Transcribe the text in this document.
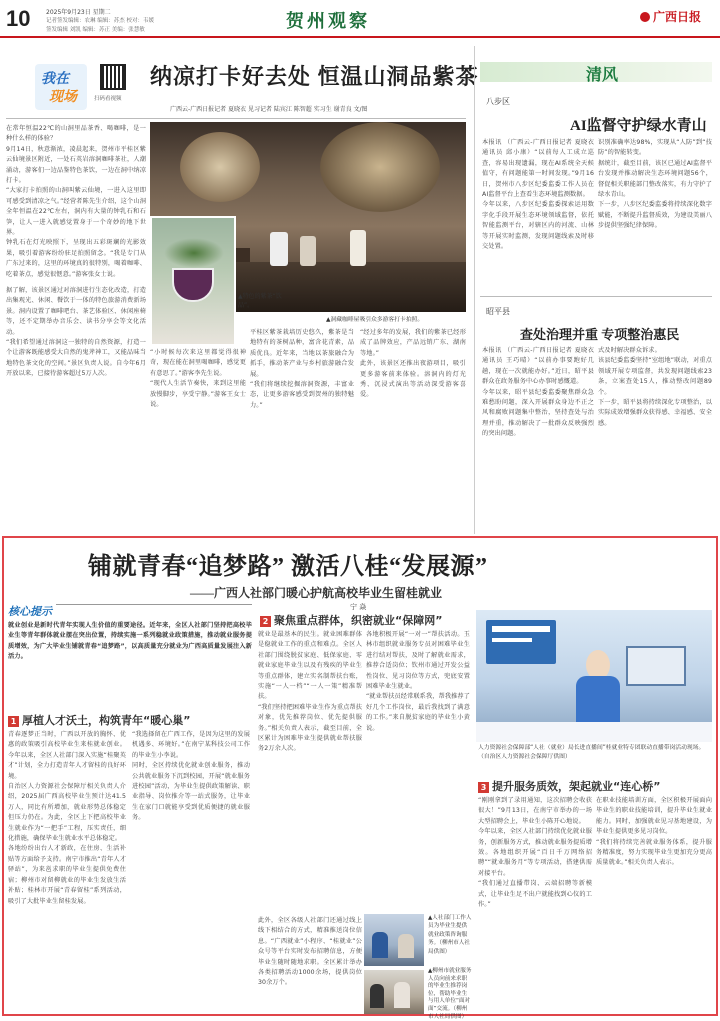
10	2025年9月23日 星期二
记者签发编辑：农琳 编辑：苏杰 校对：韦媛
签发编辑 刘凯 编辑：苏正 美编：张慧敏	贺州观察	广西日报
我在
现场	扫码看视频
纳凉打卡好去处 恒温山洞品紫茶
广西云-广西日报记者 夏晓衣 见习记者 陆宾江 陈智超 实习生 谢青良 文/图
在常年恒温22℃的山洞里品茶香、喝咖啡，是一种什么样的体验？
9月14日，秋意渐浓，凌晨起来，贺州市平桂区紫云仙境景区附近，一处石英岩溶洞咖啡茶社，人潮涌动，游客们一边品鉴特色茶饮，一边在洞中纳凉打卡。
“大家打卡拍照的山洞叫紫云仙境，一进入这里即可感受到清凉之气。”经营者陈先生介绍，这个山洞全年恒温在22℃左右，洞内有大量的钟乳石和石笋，让人一进入就感觉置身于一个奇妙的地下世界。
钟乳石在灯光映照下，呈现出五彩斑斓的光影效果，吸引着游客纷纷驻足拍照留念。“我是专门从广东过来的，这里的环境真的很特别，喝着咖啡、吃着茶点，感觉很惬意。”游客张女士说。
据了解，该景区通过对溶洞进行生态化改造，打造出集观光、休闲、餐饮于一体的特色旅游消费新场景。洞内设置了咖啡吧台、茶艺体验区、休闲座椅等，还不定期举办音乐会、读书分享会等文化活动。
“我们希望通过溶洞这一独特的自然资源，打造一个让游客既能感受大自然的鬼斧神工，又能品味当地特色茶文化的空间。”景区负责人说。自今年6月开放以来，已接待游客超过5万人次。
▲特色的紫茶“饮品”。
▲洞藏咖啡屋吸引众多游客打卡拍照。
“小时候每次来这里都觉得很神奇，现在能在洞里喝咖啡，感觉更有意思了。”游客李先生说。
“现代人生活节奏快，来到这里能放慢脚步，享受宁静。”游客王女士说。
平桂区紫茶栽培历史悠久，紫茶是当地特有的茶树品种，富含花青素，品质优良。近年来，当地以茶旅融合为抓手，推动茶产业与乡村旅游融合发展。
“我们将继续挖掘溶洞资源，丰富业态，让更多游客感受到贺州的独特魅力。”
“经过多年的发展，我们的紫茶已经形成了品牌效应，产品远销广东、湖南等地。”
此外，该景区还推出夜游项目，吸引更多游客前来体验。溶洞内的灯光秀、沉浸式演出等活动深受游客喜爱。
清风
八步区
AI监督守护绿水青山
本报讯 （广西云-广西日报记者 夏晓衣 通讯员 邱小康）“以前每人工成立巡查，容易出现遗漏，现在AI系统全天候值守，有问题能第一时间发现。”9月16日，贺州市八步区纪委监委工作人员在AI监督平台上查看生态环境监测数据。
今年以来，八步区纪委监委探索运用数字化手段开展生态环境领域监督，依托智能监测平台，对辖区内的河流、山林等开展实时监测，发现问题线索及时移交处置。
识别准确率达98%，实现从“人防”到“技防”的智能转变。
据统计，截至目前，该区已通过AI监督平台发现并推动解决生态环境问题56个，督促相关职能部门整改落实，有力守护了绿水青山。
下一步，八步区纪委监委将持续深化数字赋能，不断提升监督质效，为建设美丽八步提供坚强纪律保障。
昭平县
查处治理并重 专项整治惠民
本报讯 （广西云-广西日报记者 夏晓衣 通讯员 王巧晴）“以前办事要跑好几趟，现在一次就能办好。”近日，昭平县群众在政务服务中心办事时感慨道。
今年以来，昭平县纪委监委聚焦群众急难愁盼问题，深入开展群众身边不正之风和腐败问题集中整治，坚持查处与治理并重，推动解决了一批群众反映强烈的突出问题。
式及时解决群众诉求。
该县纪委监委坚持“室组地”联动，对重点领域开展专项监督，共发现问题线索23条，立案查处15人，推动整改问题89个。
下一步，昭平县将持续深化专项整治，以实际成效增强群众获得感、幸福感、安全感。
铺就青春“追梦路” 激活八桂“发展源”
——广西人社部门暖心护航高校毕业生留桂就业
宁 焱
核心提示
就业创业是新时代青年实现人生价值的重要途径。近年来，全区人社部门坚持把高校毕业生等青年群体就业摆在突出位置，持续实施一系列稳就业政策措施，推动就业服务提质增效，为广大毕业生铺就青春“追梦路”，以高质量充分就业为广西高质量发展注入新活力。
1 厚植人才沃土，构筑青年“暖心巢”
青春逐梦正当时，广西以开放的胸怀、优惠的政策吸引高校毕业生来桂就业创业。今年以来，全区人社部门深入实施“桂聚英才”计划，全力打造青年人才留桂的良好环境。
自治区人力资源社会保障厅相关负责人介绍，2025届广西高校毕业生预计达41.5万人，同比有所增加，就业形势总体稳定但压力仍在。为此，全区上下把高校毕业生就业作为“一把手”工程，压实责任，细化措施，确保毕业生就业水平总体稳定。
各地纷纷出台人才新政，在住房、生活补贴等方面给予支持。南宁市推出“青年人才驿站”，为来邕求职的毕业生提供免费住宿；柳州市对留柳就业的毕业生发放生活补贴；桂林市开展“青春留桂”系列活动，吸引了大批毕业生留桂发展。
“我选择留在广西工作，是因为这里的发展机遇多、环境好。”在南宁某科技公司工作的毕业生小李说。
同时，全区持续优化就业创业服务，推动公共就业服务下沉到校园，开展“就业服务进校园”活动，为毕业生提供政策解读、职业指导、岗位推介等一站式服务，让毕业生在家门口就能享受到优质便捷的就业服务。
2 聚焦重点群体，织密就业“保障网”
就业是最基本的民生。就业困难群体是稳就业工作的重点和难点。全区人社部门围绕脱贫家庭、低保家庭、零就业家庭毕业生以及有残疾的毕业生等重点群体，建立实名制帮扶台账，实施“一人一档”“一人一策”精准帮扶。
“我们坚持把困难毕业生作为重点帮扶对象，优先推荐岗位、优先提供服务。”相关负责人表示，截至目前，全区累计为困难毕业生提供就业帮扶服务2万余人次。
各地积极开展“一对一”帮扶活动。玉林市组织就业服务专员对困难毕业生进行结对帮扶，及时了解就业需求，推荐合适岗位；钦州市通过开发公益性岗位、见习岗位等方式，兜底安置困难毕业生就业。
“就业帮扶员经常联系我，帮我推荐了好几个工作岗位，最后我找到了满意的工作。”来自脱贫家庭的毕业生小黄说。
此外，全区各级人社部门还通过线上线下相结合的方式，精准推送岗位信息。“广西就业”小程序、“桂就业”公众号等平台实时发布招聘信息，方便毕业生随时随地求职。全区累计举办各类招聘活动1000余场，提供岗位30余万个。
▲人社部门工作人员为毕业生提供就业政策咨询服务。（柳州市人社局供图）
▲柳州市就业服务人员向前来求职的毕业生推荐岗位，帮助毕业生与用人单位“面对面”交流。（柳州市人社局供图）
人力资源社会保障部“人社（就业）局长进直播间”桂就业特专团联动直播带岗活动现场。（自治区人力资源社会保障厅供图）
3 提升服务质效，架起就业“连心桥”
“刚刚拿到了录用通知，这次招聘会收获很大！”9月13日，在南宁市举办的一场大型招聘会上，毕业生小陈开心地说。
今年以来，全区人社部门持续优化就业服务，创新服务方式，推动就业服务提质增效。各地组织开展“百日千万网络招聘”“就业服务月”等专项活动，搭建供需对接平台。
“我们通过直播带岗、云端招聘等新模式，让毕业生足不出户就能找到心仪的工作。”
在职业技能培训方面，全区积极开展面向毕业生的职业技能培训，提升毕业生就业能力。同时，加强就业见习基地建设，为毕业生提供更多见习岗位。
“我们将持续完善就业服务体系，提升服务精准度，努力实现毕业生更加充分更高质量就业。”相关负责人表示。
